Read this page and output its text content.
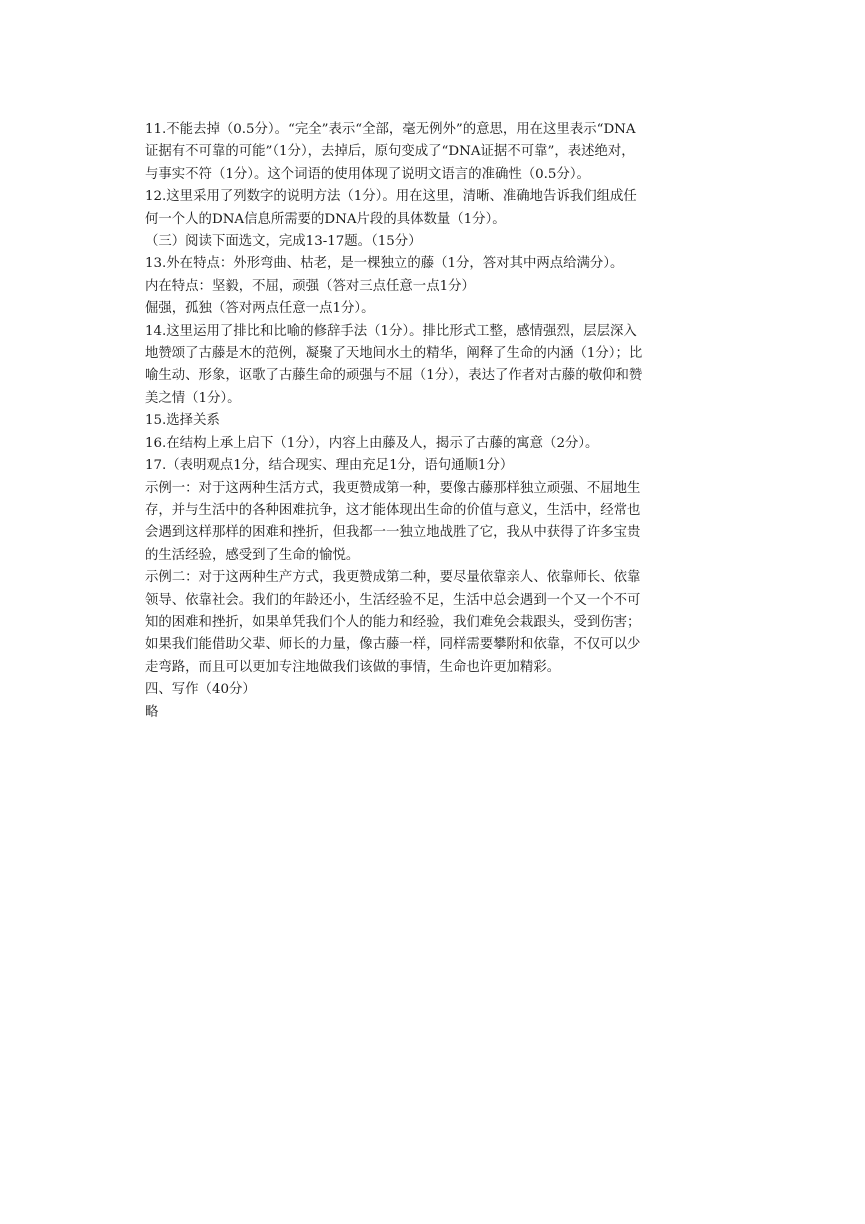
11.不能去掉（0.5分）。“完全”表示“全部，毫无例外”的意思，用在这里表示“DNA
证据有不可靠的可能”（1分），去掉后，原句变成了“DNA证据不可靠”，表述绝对，
与事实不符（1分）。这个词语的使用体现了说明文语言的准确性（0.5分）。
12.这里采用了列数字的说明方法（1分）。用在这里，清晰、准确地告诉我们组成任
何一个人的DNA信息所需要的DNA片段的具体数量（1分）。
（三）阅读下面选文，完成13-17题。（15分）
13.外在特点：外形弯曲、枯老，是一棵独立的藤（1分，答对其中两点给满分）。
内在特点：坚毅，不屈，顽强（答对三点任意一点1分）
倔强，孤独（答对两点任意一点1分）。
14.这里运用了排比和比喻的修辞手法（1分）。排比形式工整，感情强烈，层层深入
地赞颂了古藤是木的范例，凝聚了天地间水土的精华，阐释了生命的内涵（1分）；比
喻生动、形象，讴歌了古藤生命的顽强与不屈（1分），表达了作者对古藤的敬仰和赞
美之情（1分）。
15.选择关系
16.在结构上承上启下（1分），内容上由藤及人，揭示了古藤的寓意（2分）。
17.（表明观点1分，结合现实、理由充足1分，语句通顺1分）
示例一：对于这两种生活方式，我更赞成第一种，要像古藤那样独立顽强、不屈地生
存，并与生活中的各种困难抗争，这才能体现出生命的价值与意义，生活中，经常也
会遇到这样那样的困难和挫折，但我都一一独立地战胜了它，我从中获得了许多宝贵
的生活经验，感受到了生命的愉悦。
示例二：对于这两种生产方式，我更赞成第二种，要尽量依靠亲人、依靠师长、依靠
领导、依靠社会。我们的年龄还小，生活经验不足，生活中总会遇到一个又一个不可
知的困难和挫折，如果单凭我们个人的能力和经验，我们难免会栽跟头，受到伤害；
如果我们能借助父辈、师长的力量，像古藤一样，同样需要攀附和依靠，不仅可以少
走弯路，而且可以更加专注地做我们该做的事情，生命也许更加精彩。
四、写作（40分）
略
